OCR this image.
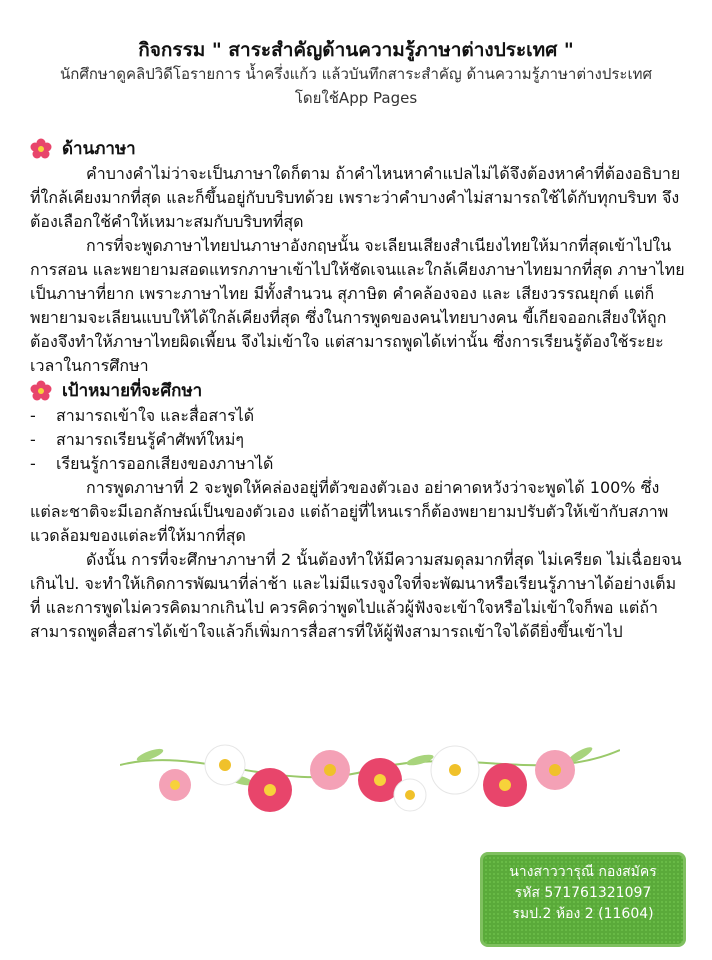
กิจกรรม " สาระสำคัญด้านความรู้ภาษาต่างประเทศ "
นักศึกษาดูคลิปวิดีโอรายการ น้ำครึ่งแก้ว แล้วบันทึกสาระสำคัญ ด้านความรู้ภาษาต่างประเทศ
โดยใช้App Pages
ด้านภาษา

คำบางคำไม่ว่าจะเป็นภาษาใดก็ตาม ถ้าคำไหนหาคำแปลไม่ได้จึงต้องหาคำที่ต้องอธิบายที่ใกล้เคียงมากที่สุด และก็ขึ้นอยู่กับบริบทด้วย เพราะว่าคำบางคำไม่สามารถใช้ได้กับทุกบริบท จึงต้องเลือกใช้คำให้เหมาะสมกับบริบทที่สุด

การที่จะพูดภาษาไทยปนภาษาอังกฤษนั้น จะเลียนเสียงสำเนียงไทยให้มากที่สุดเข้าไปในการสอน และพยายามสอดแทรกภาษาเข้าไปให้ชัดเจนและใกล้เคียงภาษาไทยมากที่สุด ภาษาไทยเป็นภาษาที่ยาก เพราะภาษาไทย มีทั้งสำนวน สุภาษิต คำคล้องจอง และ เสียงวรรณยุกต์ แต่ก็พยายามจะเลียนแบบให้ได้ใกล้เคียงที่สุด ซึ่งในการพูดของคนไทยบางคน ขี้เกียจออกเสียงให้ถูกต้องจึงทำให้ภาษาไทยผิดเพี้ยน จึงไม่เข้าใจ แต่สามารถพูดได้เท่านั้น ซึ่งการเรียนรู้ต้องใช้ระยะเวลาในการศึกษา

เป้าหมายที่จะศึกษา
-	สามารถเข้าใจ และสื่อสารได้
-	สามารถเรียนรู้คำศัพท์ใหม่ๆ
-	เรียนรู้การออกเสียงของภาษาได้

การพูดภาษาที่ 2 จะพูดให้คล่องอยู่ที่ตัวของตัวเอง อย่าคาดหวังว่าจะพูดได้ 100% ซึ่งแต่ละชาติจะมีเอกลักษณ์เป็นของตัวเอง แต่ถ้าอยู่ที่ไหนเราก็ต้องพยายามปรับตัวให้เข้ากับสภาพแวดล้อมของแต่ละที่ให้มากที่สุด

ดังนั้น การที่จะศึกษาภาษาที่ 2 นั้นต้องทำให้มีความสมดุลมากที่สุด ไม่เครียด ไม่เฉื่อยจนเกินไป. จะทำให้เกิดการพัฒนาที่ล่าช้า และไม่มีแรงจูงใจที่จะพัฒนาหรือเรียนรู้ภาษาได้อย่างเต็มที่ และการพูดไม่ควรคิดมากเกินไป ควรคิดว่าพูดไปแล้วผู้ฟังจะเข้าใจหรือไม่เข้าใจก็พอ แต่ถ้าสามารถพูดสื่อสารได้เข้าใจแล้วก็เพิ่มการสื่อสารที่ให้ผู้ฟังสามารถเข้าใจได้ดียิ่งขึ้นเข้าไป

นางสาววารุณี กองสมัคร
รหัส 571761321097
รมป.2 ห้อง 2 (11604)
